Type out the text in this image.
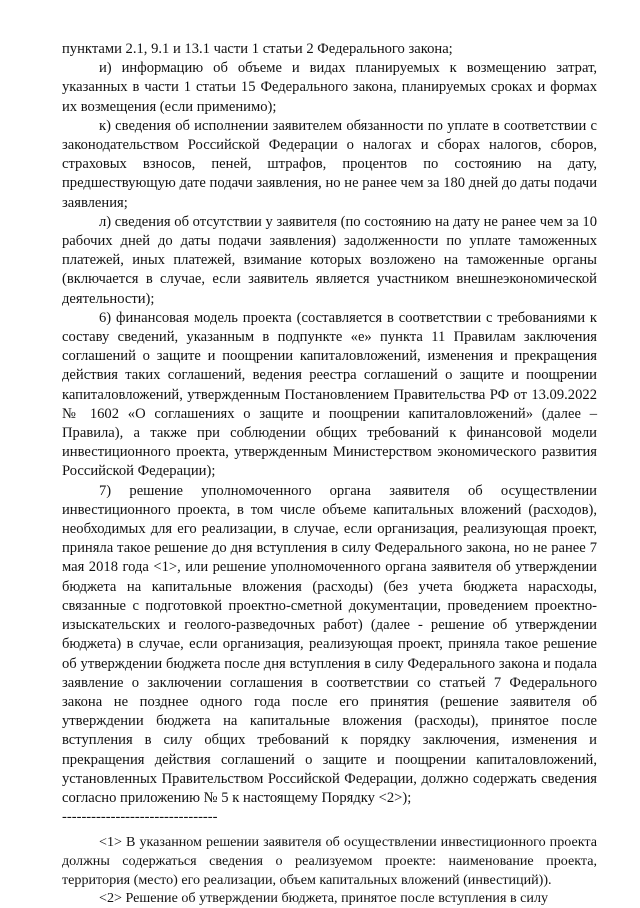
пунктами 2.1, 9.1 и 13.1 части 1 статьи 2 Федерального закона;

и) информацию об объеме и видах планируемых к возмещению затрат, указанных в части 1 статьи 15 Федерального закона, планируемых сроках и формах их возмещения (если применимо);

к) сведения об исполнении заявителем обязанности по уплате в соответствии с законодательством Российской Федерации о налогах и сборах налогов, сборов, страховых взносов, пеней, штрафов, процентов по состоянию на дату, предшествующую дате подачи заявления, но не ранее чем за 180 дней до даты подачи заявления;

л) сведения об отсутствии у заявителя (по состоянию на дату не ранее чем за 10 рабочих дней до даты подачи заявления) задолженности по уплате таможенных платежей, иных платежей, взимание которых возложено на таможенные органы (включается в случае, если заявитель является участником внешнеэкономической деятельности);

6) финансовая модель проекта (составляется в соответствии с требованиями к составу сведений, указанным в подпункте «е» пункта 11 Правилам заключения соглашений о защите и поощрении капиталовложений, изменения и прекращения действия таких соглашений, ведения реестра соглашений о защите и поощрении капиталовложений, утвержденным Постановлением Правительства РФ от 13.09.2022 № 1602 «О соглашениях о защите и поощрении капиталовложений» (далее – Правила), а также при соблюдении общих требований к финансовой модели инвестиционного проекта, утвержденным Министерством экономического развития Российской Федерации);

7) решение уполномоченного органа заявителя об осуществлении инвестиционного проекта, в том числе объеме капитальных вложений (расходов), необходимых для его реализации, в случае, если организация, реализующая проект, приняла такое решение до дня вступления в силу Федерального закона, но не ранее 7 мая 2018 года <1>, или решение уполномоченного органа заявителя об утверждении бюджета на капитальные вложения (расходы) (без учета бюджета нарасходы, связанные с подготовкой проектно-сметной документации, проведением проектно-изыскательских и геолого-разведочных работ) (далее - решение об утверждении бюджета) в случае, если организация, реализующая проект, приняла такое решение об утверждении бюджета после дня вступления в силу Федерального закона и подала заявление о заключении соглашения в соответствии со статьей 7 Федерального закона не позднее одного года после его принятия (решение заявителя об утверждении бюджета на капитальные вложения (расходы), принятое после вступления в силу общих требований к порядку заключения, изменения и прекращения действия соглашений о защите и поощрении капиталовложений, установленных Правительством Российской Федерации, должно содержать сведения согласно приложению № 5 к настоящему Порядку <2>);

--------------------------------

<1> В указанном решении заявителя об осуществлении инвестиционного проекта должны содержаться сведения о реализуемом проекте: наименование проекта, территория (место) его реализации, объем капитальных вложений (инвестиций)).

<2> Решение об утверждении бюджета, принятое после вступления в силу
